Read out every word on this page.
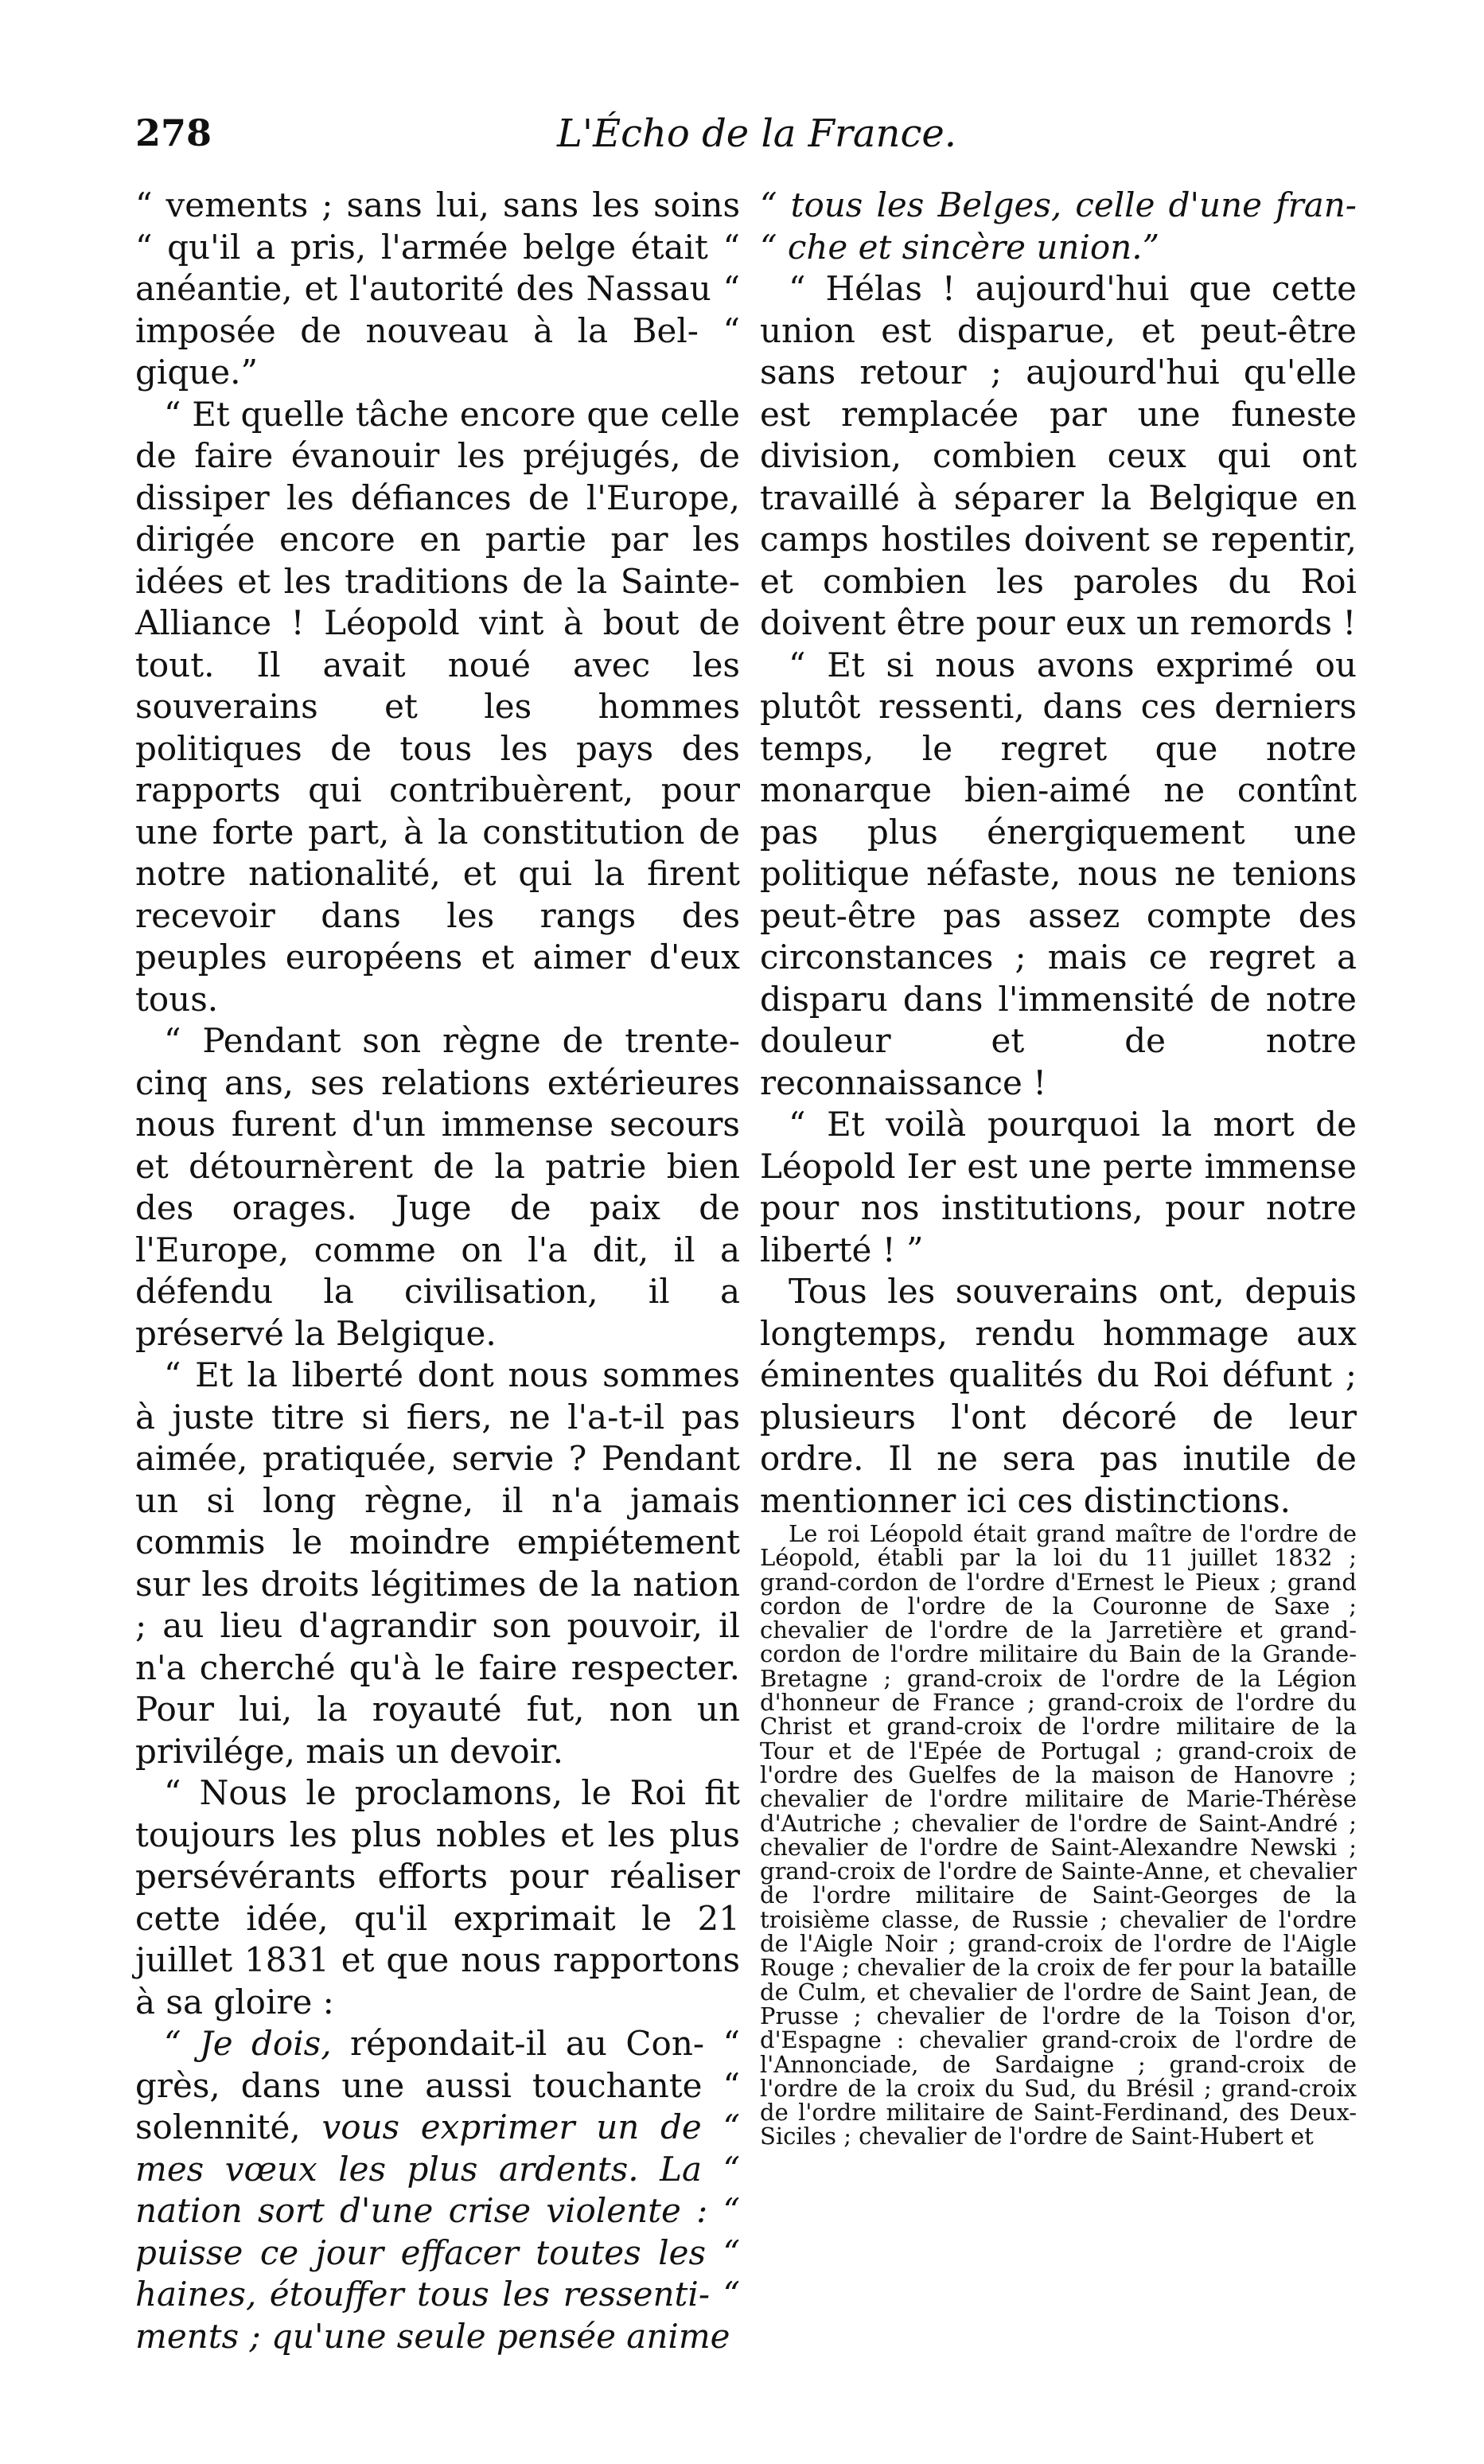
278	L'Écho de la France.

“ vements ; sans lui, sans les soins “ qu'il a pris, l'armée belge était “ anéantie, et l'autorité des Nassau “ imposée de nouveau à la Bel- “ gique.”

“ Et quelle tâche encore que celle de faire évanouir les préjugés, de dissiper les défiances de l'Europe, dirigée encore en partie par les idées et les traditions de la Sainte-Alliance ! Léopold vint à bout de tout. Il avait noué avec les souverains et les hommes politiques de tous les pays des rapports qui contribuèrent, pour une forte part, à la constitution de notre nationalité, et qui la firent recevoir dans les rangs des peuples européens et aimer d'eux tous.

“ Pendant son règne de trente-cinq ans, ses relations extérieures nous furent d'un immense secours et détournèrent de la patrie bien des orages. Juge de paix de l'Europe, comme on l'a dit, il a défendu la civilisation, il a préservé la Belgique.

“ Et la liberté dont nous sommes à juste titre si fiers, ne l'a-t-il pas aimée, pratiquée, servie ? Pendant un si long règne, il n'a jamais commis le moindre empiétement sur les droits légitimes de la nation ; au lieu d'agrandir son pouvoir, il n'a cherché qu'à le faire respecter. Pour lui, la royauté fut, non un privilége, mais un devoir.

“ Nous le proclamons, le Roi fit toujours les plus nobles et les plus persévérants efforts pour réaliser cette idée, qu'il exprimait le 21 juillet 1831 et que nous rapportons à sa gloire :

“ Je dois, répondait-il au Con- “ grès, dans une aussi touchante “ solennité, vous exprimer un de “ mes vœux les plus ardents. La “ nation sort d'une crise violente : “ puisse ce jour effacer toutes les “ haines, étouffer tous les ressenti- “ ments ; qu'une seule pensée anime

“ tous les Belges, celle d'une fran- “ che et sincère union.”

“ Hélas ! aujourd'hui que cette union est disparue, et peut-être sans retour ; aujourd'hui qu'elle est remplacée par une funeste division, combien ceux qui ont travaillé à séparer la Belgique en camps hostiles doivent se repentir, et combien les paroles du Roi doivent être pour eux un remords !

“ Et si nous avons exprimé ou plutôt ressenti, dans ces derniers temps, le regret que notre monarque bien-aimé ne contînt pas plus énergiquement une politique néfaste, nous ne tenions peut-être pas assez compte des circonstances ; mais ce regret a disparu dans l'immensité de notre douleur et de notre reconnaissance !

“ Et voilà pourquoi la mort de Léopold Ier est une perte immense pour nos institutions, pour notre liberté ! ”

Tous les souverains ont, depuis longtemps, rendu hommage aux éminentes qualités du Roi défunt ; plusieurs l'ont décoré de leur ordre. Il ne sera pas inutile de mentionner ici ces distinctions.

Le roi Léopold était grand maître de l'ordre de Léopold, établi par la loi du 11 juillet 1832 ; grand-cordon de l'ordre d'Ernest le Pieux ; grand cordon de l'ordre de la Couronne de Saxe ; chevalier de l'ordre de la Jarretière et grand-cordon de l'ordre militaire du Bain de la Grande-Bretagne ; grand-croix de l'ordre de la Légion d'honneur de France ; grand-croix de l'ordre du Christ et grand-croix de l'ordre militaire de la Tour et de l'Epée de Portugal ; grand-croix de l'ordre des Guelfes de la maison de Hanovre ; chevalier de l'ordre militaire de Marie-Thérèse d'Autriche ; chevalier de l'ordre de Saint-André ; chevalier de l'ordre de Saint-Alexandre Newski ; grand-croix de l'ordre de Sainte-Anne, et chevalier de l'ordre militaire de Saint-Georges de la troisième classe, de Russie ; chevalier de l'ordre de l'Aigle Noir ; grand-croix de l'ordre de l'Aigle Rouge ; chevalier de la croix de fer pour la bataille de Culm, et chevalier de l'ordre de Saint Jean, de Prusse ; chevalier de l'ordre de la Toison d'or, d'Espagne : chevalier grand-croix de l'ordre de l'Annonciade, de Sardaigne ; grand-croix de l'ordre de la croix du Sud, du Brésil ; grand-croix de l'ordre militaire de Saint-Ferdinand, des Deux-Siciles ; chevalier de l'ordre de Saint-Hubert et
